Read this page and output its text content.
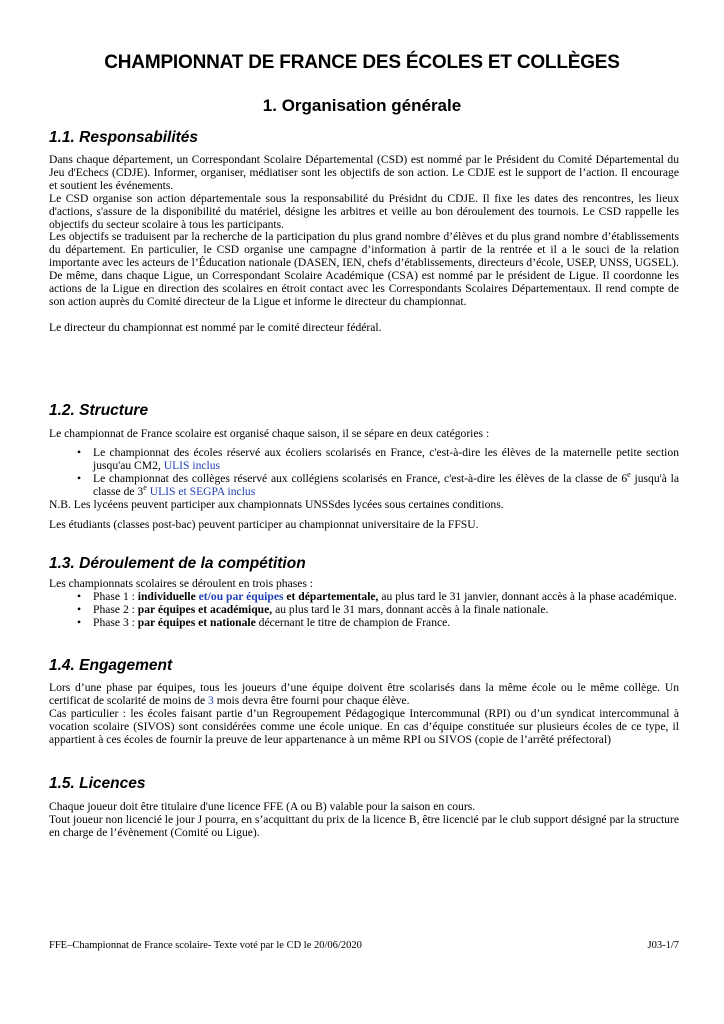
CHAMPIONNAT DE FRANCE DES ÉCOLES ET COLLÈGES
1. Organisation générale
1.1. Responsabilités

Dans chaque département, un Correspondant Scolaire Départemental (CSD) est nommé par le Président du Comité Départemental du Jeu d'Echecs (CDJE). Informer, organiser, médiatiser sont les objectifs de son action. Le CDJE est le support de l’action. Il encourage et soutient les événements.

Le CSD organise son action départementale sous la responsabilité du Présidnt du CDJE. Il fixe les dates des rencontres, les lieux d'actions, s'assure de la disponibilité du matériel, désigne les arbitres et veille au bon déroulement des tournois. Le CSD rappelle les objectifs du secteur scolaire à tous les participants.

Les objectifs se traduisent par la recherche de la participation du plus grand nombre d’élèves et du plus grand nombre d’établissements du département. En particulier, le CSD organise une campagne d’information à partir de la rentrée et il a le souci de la relation importante avec les acteurs de l’Éducation nationale (DASEN, IEN, chefs d’établissements, directeurs d’école, USEP, UNSS, UGSEL).

De même, dans chaque Ligue, un Correspondant Scolaire Académique (CSA) est nommé par le président de Ligue. Il coordonne les actions de la Ligue en direction des scolaires en étroit contact avec les Correspondants Scolaires Départementaux. Il rend compte de son action auprès du Comité directeur de la Ligue et informe le directeur du championnat.

Le directeur du championnat est nommé par le comité directeur fédéral.

1.2. Structure

Le championnat de France scolaire est organisé chaque saison, il se sépare en deux catégories :

• Le championnat des écoles réservé aux écoliers scolarisés en France, c'est-à-dire les élèves de la maternelle petite section jusqu'au CM2, ULIS inclus
• Le championnat des collèges réservé aux collégiens scolarisés en France, c'est-à-dire les élèves de la classe de 6e jusqu'à la classe de 3e ULIS et SEGPA inclus

N.B. Les lycéens peuvent participer aux championnats UNSSdes lycées sous certaines conditions.

Les étudiants (classes post-bac) peuvent participer au championnat universitaire de la FFSU.

1.3. Déroulement de la compétition

Les championnats scolaires se déroulent en trois phases :

• Phase 1 : individuelle et/ou par équipes et départementale, au plus tard le 31 janvier, donnant accès à la phase académique.
• Phase 2 : par équipes et académique, au plus tard le 31 mars, donnant accès à la finale nationale.
• Phase 3 : par équipes et nationale décernant le titre de champion de France.
1.4. Engagement

Lors d’une phase par équipes, tous les joueurs d’une équipe doivent être scolarisés dans la même école ou le même collège. Un certificat de scolarité de moins de 3 mois devra être fourni pour chaque élève.

Cas particulier : les écoles faisant partie d’un Regroupement Pédagogique Intercommunal (RPI) ou d’un syndicat intercommunal à vocation scolaire (SIVOS) sont considérées comme une école unique. En cas d’équipe constituée sur plusieurs écoles de ce type, il appartient à ces écoles de fournir la preuve de leur appartenance à un même RPI ou SIVOS (copie de l’arrêté préfectoral)

1.5. Licences

Chaque joueur doit être titulaire d'une licence FFE (A ou B) valable pour la saison en cours.

Tout joueur non licencié le jour J pourra, en s’acquittant du prix de la licence B, être licencié par le club support désigné par la structure en charge de l’évènement (Comité ou Ligue).

FFE–Championnat de France scolaire- Texte voté par le CD le 20/06/2020	J03-1/7
